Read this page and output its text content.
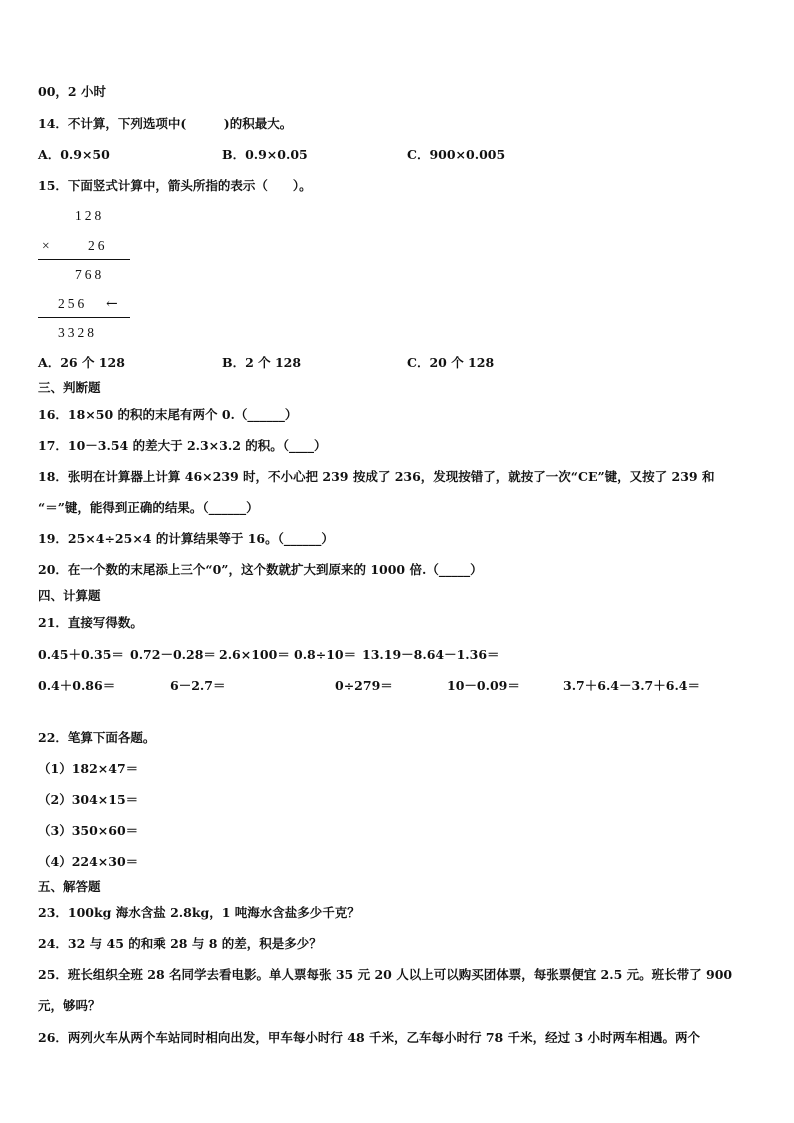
00，2 小时
14．不计算，下列选项中(　　　)的积最大。
A．0.9×50	B．0.9×0.05	C．900×0.005
15．下面竖式计算中，箭头所指的表示（　　）。
128
×	26
768
256 ←
3328
A．26 个 128	B．2 个 128	C．20 个 128
三、判断题
16．18×50 的积的末尾有两个 0.（______）
17．10－3.54 的差大于 2.3×3.2 的积。（____）
18．张明在计算器上计算 46×239 时，不小心把 239 按成了 236，发现按错了，就按了一次“CE”键，又按了 239 和
“＝”键，能得到正确的结果。（______）
19．25×4÷25×4 的计算结果等于 16。（______）
20．在一个数的末尾添上三个“0”，这个数就扩大到原来的 1000 倍.（_____）
四、计算题
21．直接写得数。
0.45＋0.35＝ 0.72－0.28＝ 2.6×100＝ 0.8÷10＝ 13.19－8.64－1.36＝
0.4＋0.86＝	6－2.7＝	0÷279＝	10－0.09＝	3.7＋6.4－3.7＋6.4＝
22．笔算下面各题。
（1）182×47＝
（2）304×15＝
（3）350×60＝
（4）224×30＝
五、解答题
23．100kg 海水含盐 2.8kg，1 吨海水含盐多少千克？
24．32 与 45 的和乘 28 与 8 的差，积是多少？
25．班长组织全班 28 名同学去看电影。单人票每张 35 元 20 人以上可以购买团体票，每张票便宜 2.5 元。班长带了 900
元，够吗？
26．两列火车从两个车站同时相向出发，甲车每小时行 48 千米，乙车每小时行 78 千米，经过 3 小时两车相遇。两个
